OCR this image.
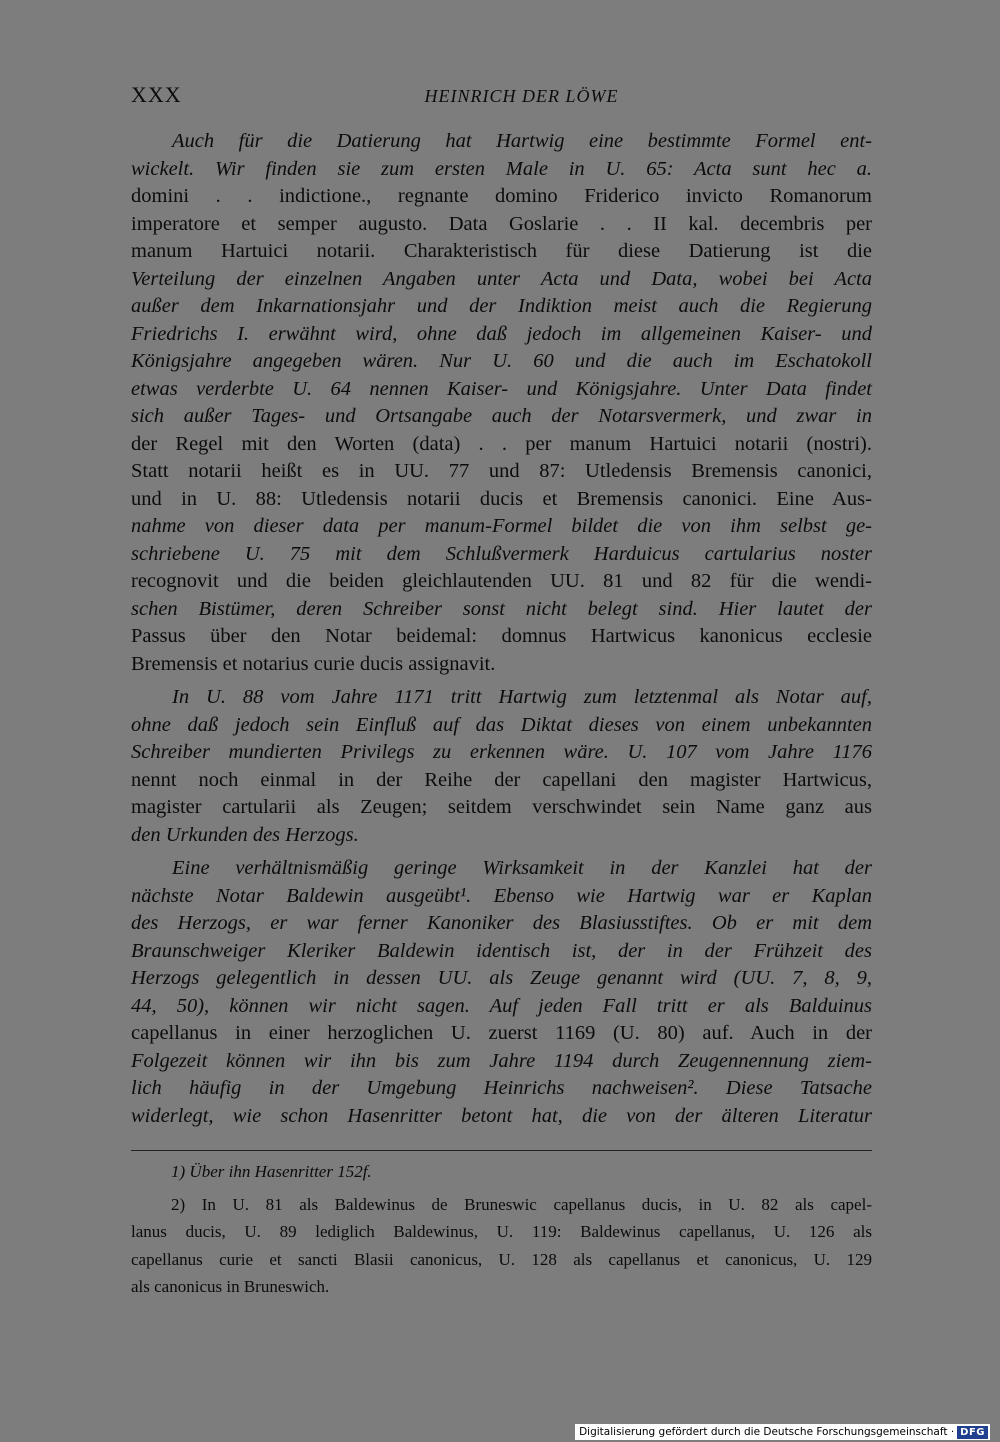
XXX	HEINRICH DER LÖWE
Auch für die Datierung hat Hartwig eine bestimmte Formel ent-
wickelt. Wir finden sie zum ersten Male in U. 65: Acta sunt hec a.
domini . . indictione., regnante domino Friderico invicto Romanorum
imperatore et semper augusto. Data Goslarie . . II kal. decembris per
manum Hartuici notarii. Charakteristisch für diese Datierung ist die
Verteilung der einzelnen Angaben unter Acta und Data, wobei bei Acta
außer dem Inkarnationsjahr und der Indiktion meist auch die Regierung
Friedrichs I. erwähnt wird, ohne daß jedoch im allgemeinen Kaiser- und
Königsjahre angegeben wären. Nur U. 60 und die auch im Eschatokoll
etwas verderbte U. 64 nennen Kaiser- und Königsjahre. Unter Data findet
sich außer Tages- und Ortsangabe auch der Notarsvermerk, und zwar in
der Regel mit den Worten (data) . . per manum Hartuici notarii (nostri).
Statt notarii heißt es in UU. 77 und 87: Utledensis Bremensis canonici,
und in U. 88: Utledensis notarii ducis et Bremensis canonici. Eine Aus-
nahme von dieser data per manum-Formel bildet die von ihm selbst ge-
schriebene U. 75 mit dem Schlußvermerk Harduicus cartularius noster
recognovit und die beiden gleichlautenden UU. 81 und 82 für die wendi-
schen Bistümer, deren Schreiber sonst nicht belegt sind. Hier lautet der
Passus über den Notar beidemal: domnus Hartwicus kanonicus ecclesie
Bremensis et notarius curie ducis assignavit.
In U. 88 vom Jahre 1171 tritt Hartwig zum letztenmal als Notar auf,
ohne daß jedoch sein Einfluß auf das Diktat dieses von einem unbekannten
Schreiber mundierten Privilegs zu erkennen wäre. U. 107 vom Jahre 1176
nennt noch einmal in der Reihe der capellani den magister Hartwicus,
magister cartularii als Zeugen; seitdem verschwindet sein Name ganz aus
den Urkunden des Herzogs.
Eine verhältnismäßig geringe Wirksamkeit in der Kanzlei hat der
nächste Notar Baldewin ausgeübt¹. Ebenso wie Hartwig war er Kaplan
des Herzogs, er war ferner Kanoniker des Blasiusstiftes. Ob er mit dem
Braunschweiger Kleriker Baldewin identisch ist, der in der Frühzeit des
Herzogs gelegentlich in dessen UU. als Zeuge genannt wird (UU. 7, 8, 9,
44, 50), können wir nicht sagen. Auf jeden Fall tritt er als Balduinus
capellanus in einer herzoglichen U. zuerst 1169 (U. 80) auf. Auch in der
Folgezeit können wir ihn bis zum Jahre 1194 durch Zeugennennung ziem-
lich häufig in der Umgebung Heinrichs nachweisen². Diese Tatsache
widerlegt, wie schon Hasenritter betont hat, die von der älteren Literatur
1) Über ihn Hasenritter 152f.
2) In U. 81 als Baldewinus de Bruneswic capellanus ducis, in U. 82 als capel-
lanus ducis, U. 89 lediglich Baldewinus, U. 119: Baldewinus capellanus, U. 126 als
capellanus curie et sancti Blasii canonicus, U. 128 als capellanus et canonicus, U. 129
als canonicus in Bruneswich.
Digitalisierung gefördert durch die Deutsche Forschungsgemeinschaft · DFG
